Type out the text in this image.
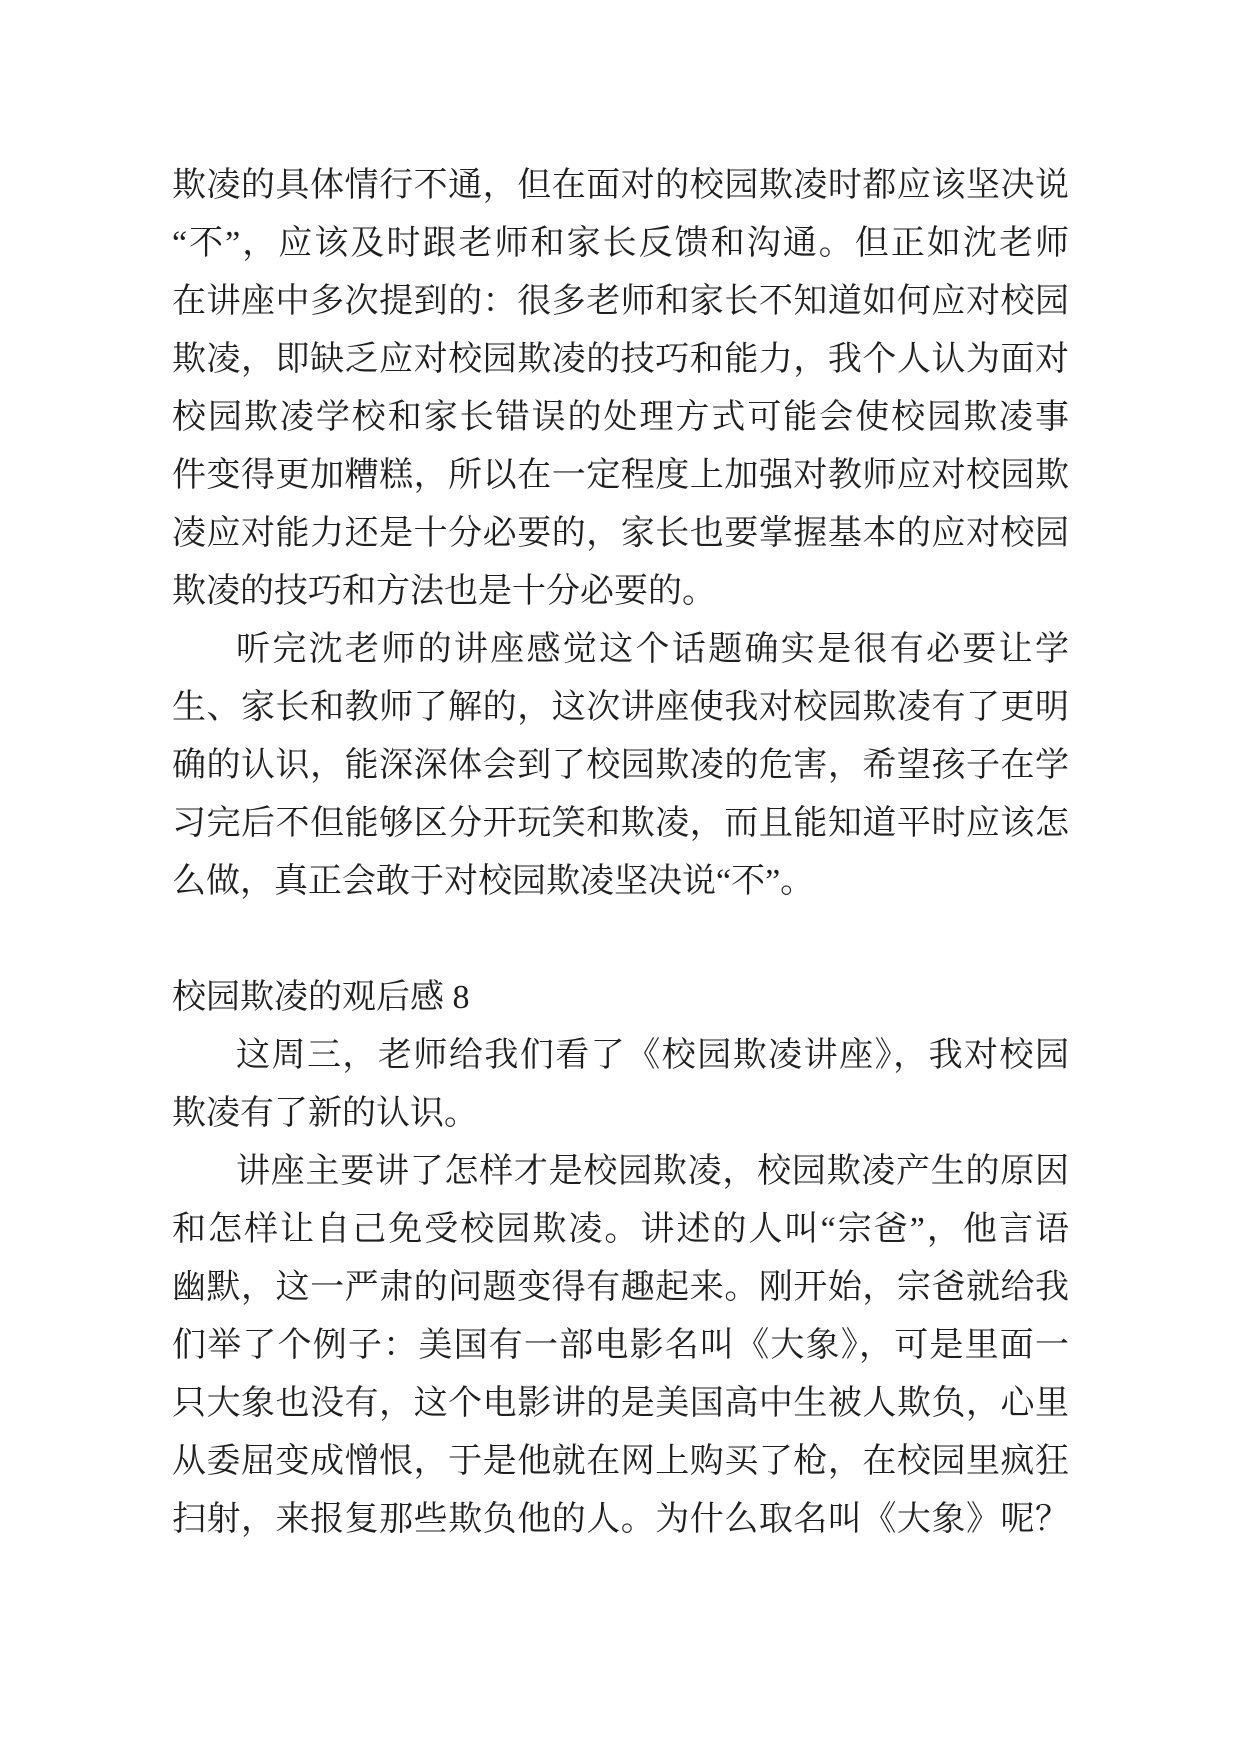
欺凌的具体情行不通，但在面对的校园欺凌时都应该坚决说
“不”，应该及时跟老师和家长反馈和沟通。但正如沈老师
在讲座中多次提到的：很多老师和家长不知道如何应对校园
欺凌，即缺乏应对校园欺凌的技巧和能力，我个人认为面对
校园欺凌学校和家长错误的处理方式可能会使校园欺凌事
件变得更加糟糕，所以在一定程度上加强对教师应对校园欺
凌应对能力还是十分必要的，家长也要掌握基本的应对校园
欺凌的技巧和方法也是十分必要的。
听完沈老师的讲座感觉这个话题确实是很有必要让学
生、家长和教师了解的，这次讲座使我对校园欺凌有了更明
确的认识，能深深体会到了校园欺凌的危害，希望孩子在学
习完后不但能够区分开玩笑和欺凌，而且能知道平时应该怎
么做，真正会敢于对校园欺凌坚决说“不”。
校园欺凌的观后感 8
这周三，老师给我们看了《校园欺凌讲座》，我对校园
欺凌有了新的认识。
讲座主要讲了怎样才是校园欺凌，校园欺凌产生的原因
和怎样让自己免受校园欺凌。讲述的人叫“宗爸”，他言语
幽默，这一严肃的问题变得有趣起来。刚开始，宗爸就给我
们举了个例子：美国有一部电影名叫《大象》，可是里面一
只大象也没有，这个电影讲的是美国高中生被人欺负，心里
从委屈变成憎恨，于是他就在网上购买了枪，在校园里疯狂
扫射，来报复那些欺负他的人。为什么取名叫《大象》呢？
